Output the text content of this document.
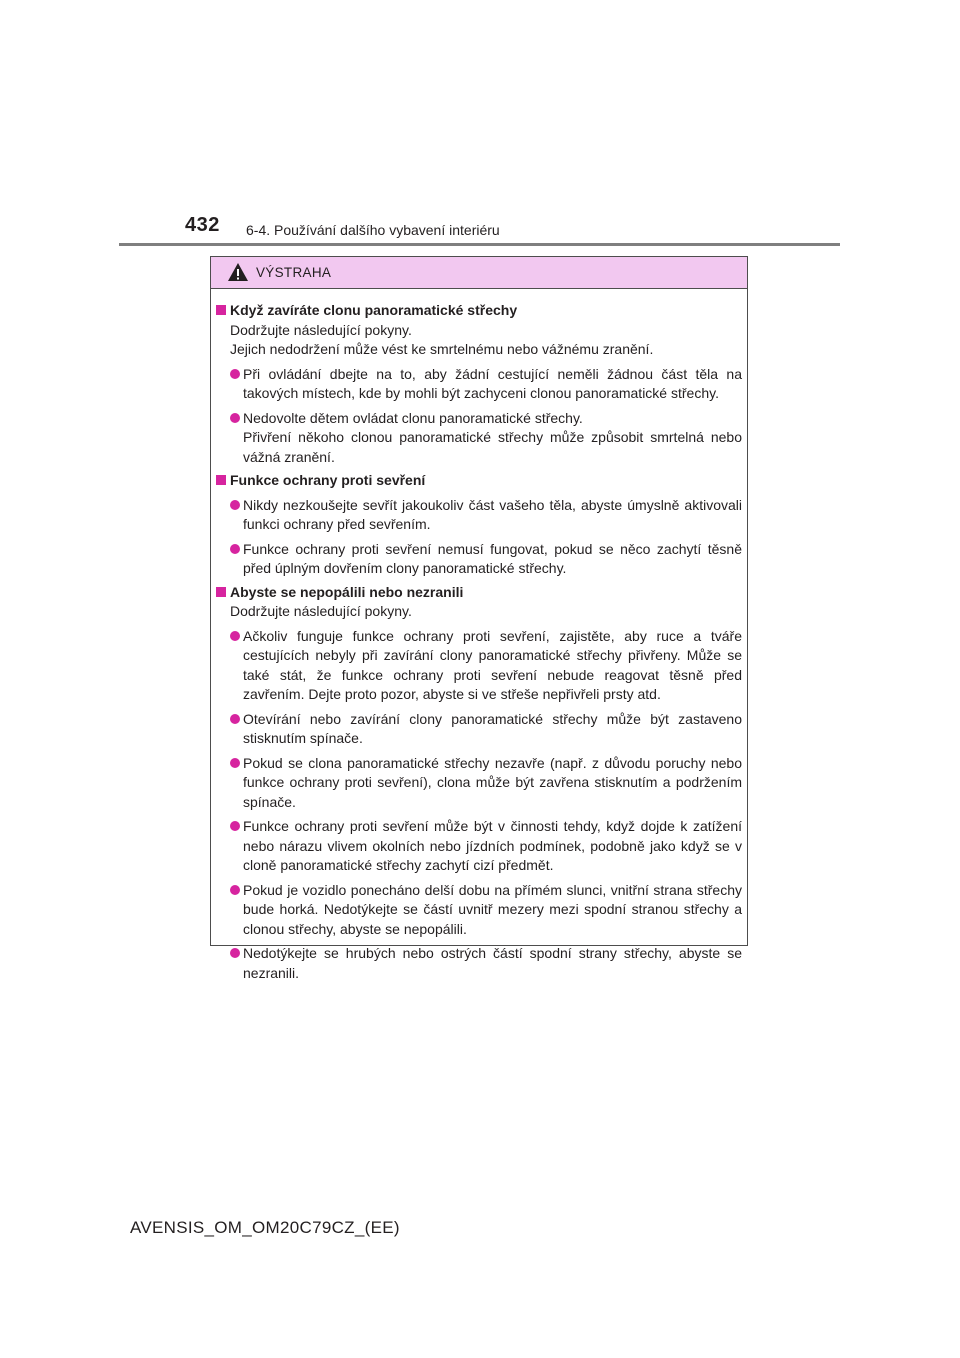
432 6-4. Používání dalšího vybavení interiéru
VÝSTRAHA
Když zavíráte clonu panoramatické střechy

Dodržujte následující pokyny.

Jejich nedodržení může vést ke smrtelnému nebo vážnému zranění.

Při ovládání dbejte na to, aby žádní cestující neměli žádnou část těla na takových místech, kde by mohli být zachyceni clonou panoramatické střechy.

Nedovolte dětem ovládat clonu panoramatické střechy.
Přivření někoho clonou panoramatické střechy může způsobit smrtelná nebo vážná zranění.

Funkce ochrany proti sevření

Nikdy nezkoušejte sevřít jakoukoliv část vašeho těla, abyste úmyslně aktivovali funkci ochrany před sevřením.

Funkce ochrany proti sevření nemusí fungovat, pokud se něco zachytí těsně před úplným dovřením clony panoramatické střechy.

Abyste se nepopálili nebo nezranili

Dodržujte následující pokyny.

Ačkoliv funguje funkce ochrany proti sevření, zajistěte, aby ruce a tváře cestujících nebyly při zavírání clony panoramatické střechy přivřeny. Může se také stát, že funkce ochrany proti sevření nebude reagovat těsně před zavřením. Dejte proto pozor, abyste si ve střeše nepřivřeli prsty atd.

Otevírání nebo zavírání clony panoramatické střechy může být zastaveno stisknutím spínače.

Pokud se clona panoramatické střechy nezavře (např. z důvodu poruchy nebo funkce ochrany proti sevření), clona může být zavřena stisknutím a podržením spínače.

Funkce ochrany proti sevření může být v činnosti tehdy, když dojde k zatížení nebo nárazu vlivem okolních nebo jízdních podmínek, podobně jako když se v cloně panoramatické střechy zachytí cizí předmět.

Pokud je vozidlo ponecháno delší dobu na přímém slunci, vnitřní strana střechy bude horká. Nedotýkejte se částí uvnitř mezery mezi spodní stranou střechy a clonou střechy, abyste se nepopálili.

Nedotýkejte se hrubých nebo ostrých částí spodní strany střechy, abyste se nezranili.

AVENSIS_OM_OM20C79CZ_(EE)
